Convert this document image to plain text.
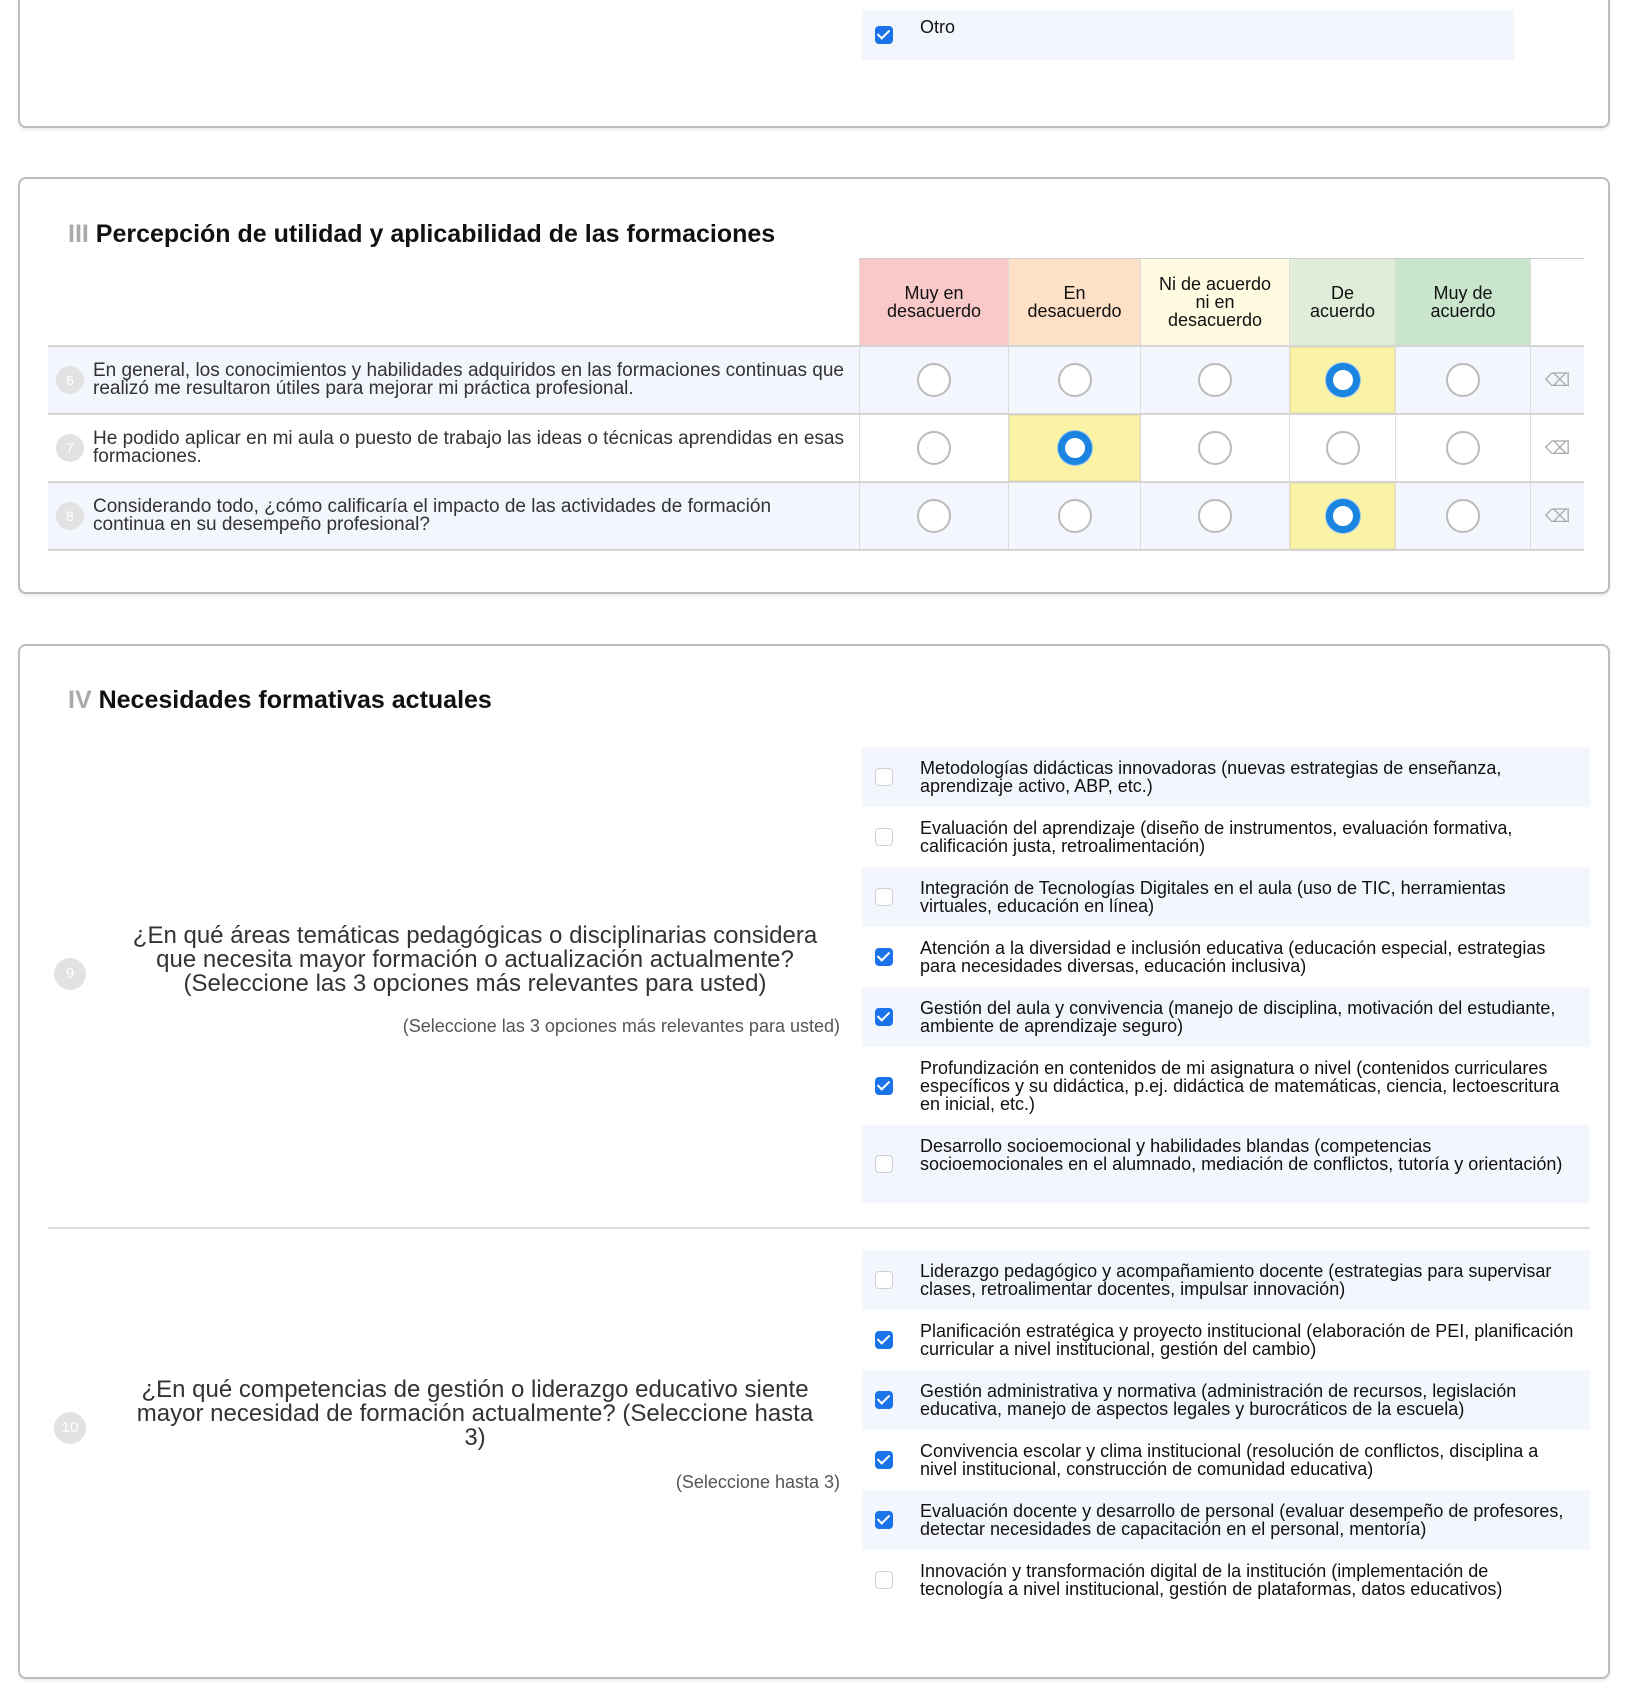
Otro
III Percepción de utilidad y aplicabilidad de las formaciones

	Muy en desacuerdo	En desacuerdo	Ni de acuerdo ni en desacuerdo	De acuerdo	Muy de acuerdo	

6 En general, los conocimientos y habilidades adquiridos en las formaciones continuas que realizó me resultaron útiles para mejorar mi práctica profesional.						⌫

7 He podido aplicar en mi aula o puesto de trabajo las ideas o técnicas aprendidas en esas formaciones.						⌫

8 Considerando todo, ¿cómo calificaría el impacto de las actividades de formación continua en su desempeño profesional?						⌫
IV Necesidades formativas actuales
9
¿En qué áreas temáticas pedagógicas o disciplinarias considera que necesita mayor formación o actualización actualmente? (Seleccione las 3 opciones más relevantes para usted)
(Seleccione las 3 opciones más relevantes para usted)
Metodologías didácticas innovadoras (nuevas estrategias de enseñanza, aprendizaje activo, ABP, etc.)
Evaluación del aprendizaje (diseño de instrumentos, evaluación formativa, calificación justa, retroalimentación)
Integración de Tecnologías Digitales en el aula (uso de TIC, herramientas virtuales, educación en línea)
Atención a la diversidad e inclusión educativa (educación especial, estrategias para necesidades diversas, educación inclusiva)
Gestión del aula y convivencia (manejo de disciplina, motivación del estudiante, ambiente de aprendizaje seguro)
Profundización en contenidos de mi asignatura o nivel (contenidos curriculares específicos y su didáctica, p.ej. didáctica de matemáticas, ciencia, lectoescritura en inicial, etc.)
Desarrollo socioemocional y habilidades blandas (competencias socioemocionales en el alumnado, mediación de conflictos, tutoría y orientación)
10
¿En qué competencias de gestión o liderazgo educativo siente mayor necesidad de formación actualmente? (Seleccione hasta 3)
(Seleccione hasta 3)
Liderazgo pedagógico y acompañamiento docente (estrategias para supervisar clases, retroalimentar docentes, impulsar innovación)
Planificación estratégica y proyecto institucional (elaboración de PEI, planificación curricular a nivel institucional, gestión del cambio)
Gestión administrativa y normativa (administración de recursos, legislación educativa, manejo de aspectos legales y burocráticos de la escuela)
Convivencia escolar y clima institucional (resolución de conflictos, disciplina a nivel institucional, construcción de comunidad educativa)
Evaluación docente y desarrollo de personal (evaluar desempeño de profesores, detectar necesidades de capacitación en el personal, mentoría)
Innovación y transformación digital de la institución (implementación de tecnología a nivel institucional, gestión de plataformas, datos educativos)
